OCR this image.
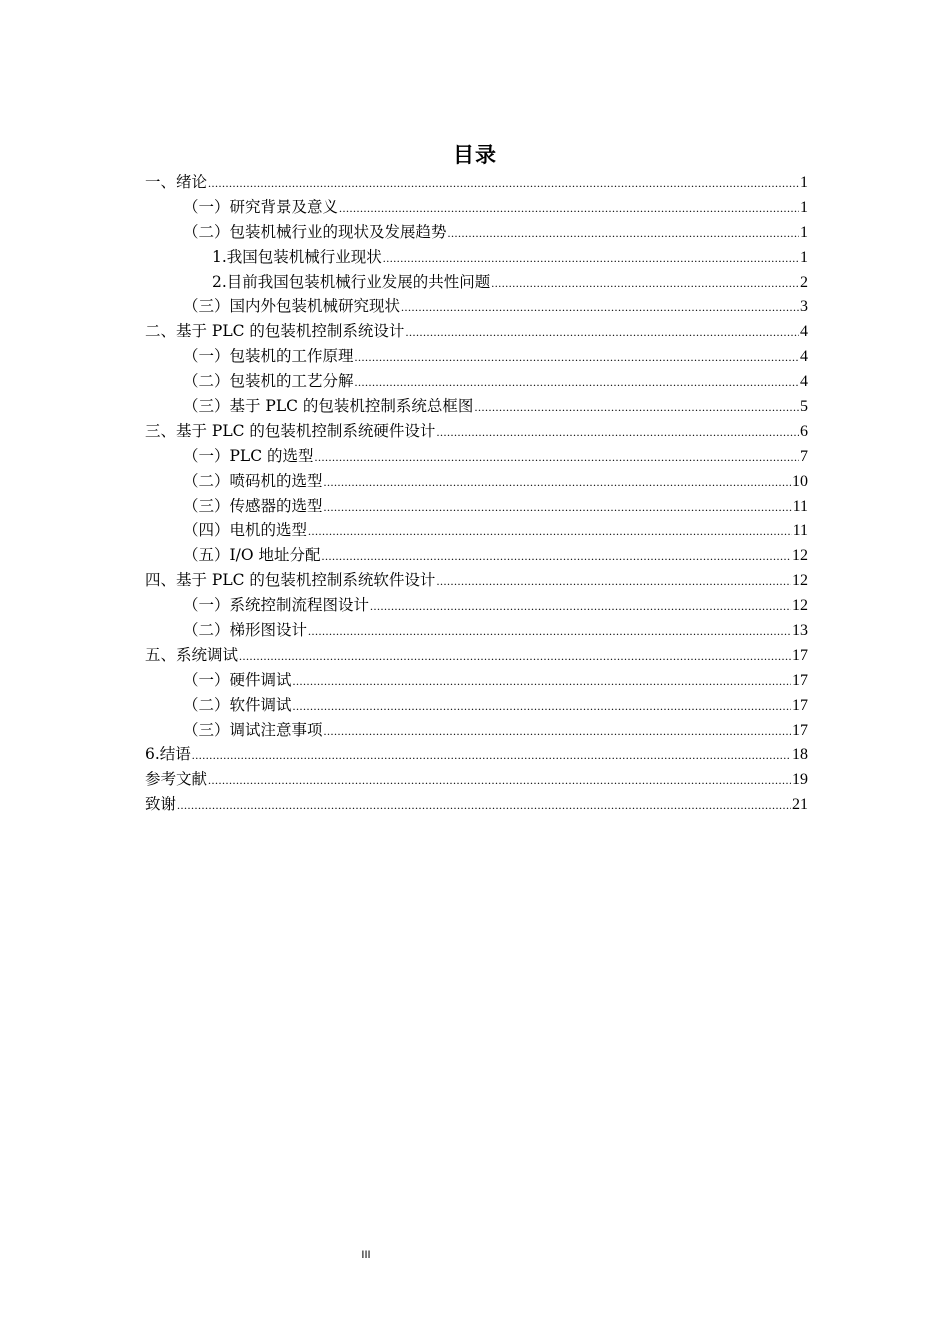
目录
一、绪论 .....	1
（一）研究背景及意义 .....	1
（二）包装机械行业的现状及发展趋势 .....	1
1.我国包装机械行业现状 .....	1
2.目前我国包装机械行业发展的共性问题 .....	2
（三）国内外包装机械研究现状 .....	3
二、基于 PLC 的包装机控制系统设计 .....	4
（一）包装机的工作原理 .....	4
（二）包装机的工艺分解 .....	4
（三）基于 PLC 的包装机控制系统总框图 .....	5
三、基于 PLC 的包装机控制系统硬件设计 .....	6
（一）PLC 的选型 .....	7
（二）喷码机的选型 .....	10
（三）传感器的选型 .....	11
（四）电机的选型 .....	11
（五）I/O 地址分配 .....	12
四、基于 PLC 的包装机控制系统软件设计 .....	12
（一）系统控制流程图设计 .....	12
（二）梯形图设计 .....	13
五、系统调试 .....	17
（一）硬件调试 .....	17
（二）软件调试 .....	17
（三）调试注意事项 .....	17
6.结语 .....	18
参考文献 .....	19
致谢 .....	21
III
